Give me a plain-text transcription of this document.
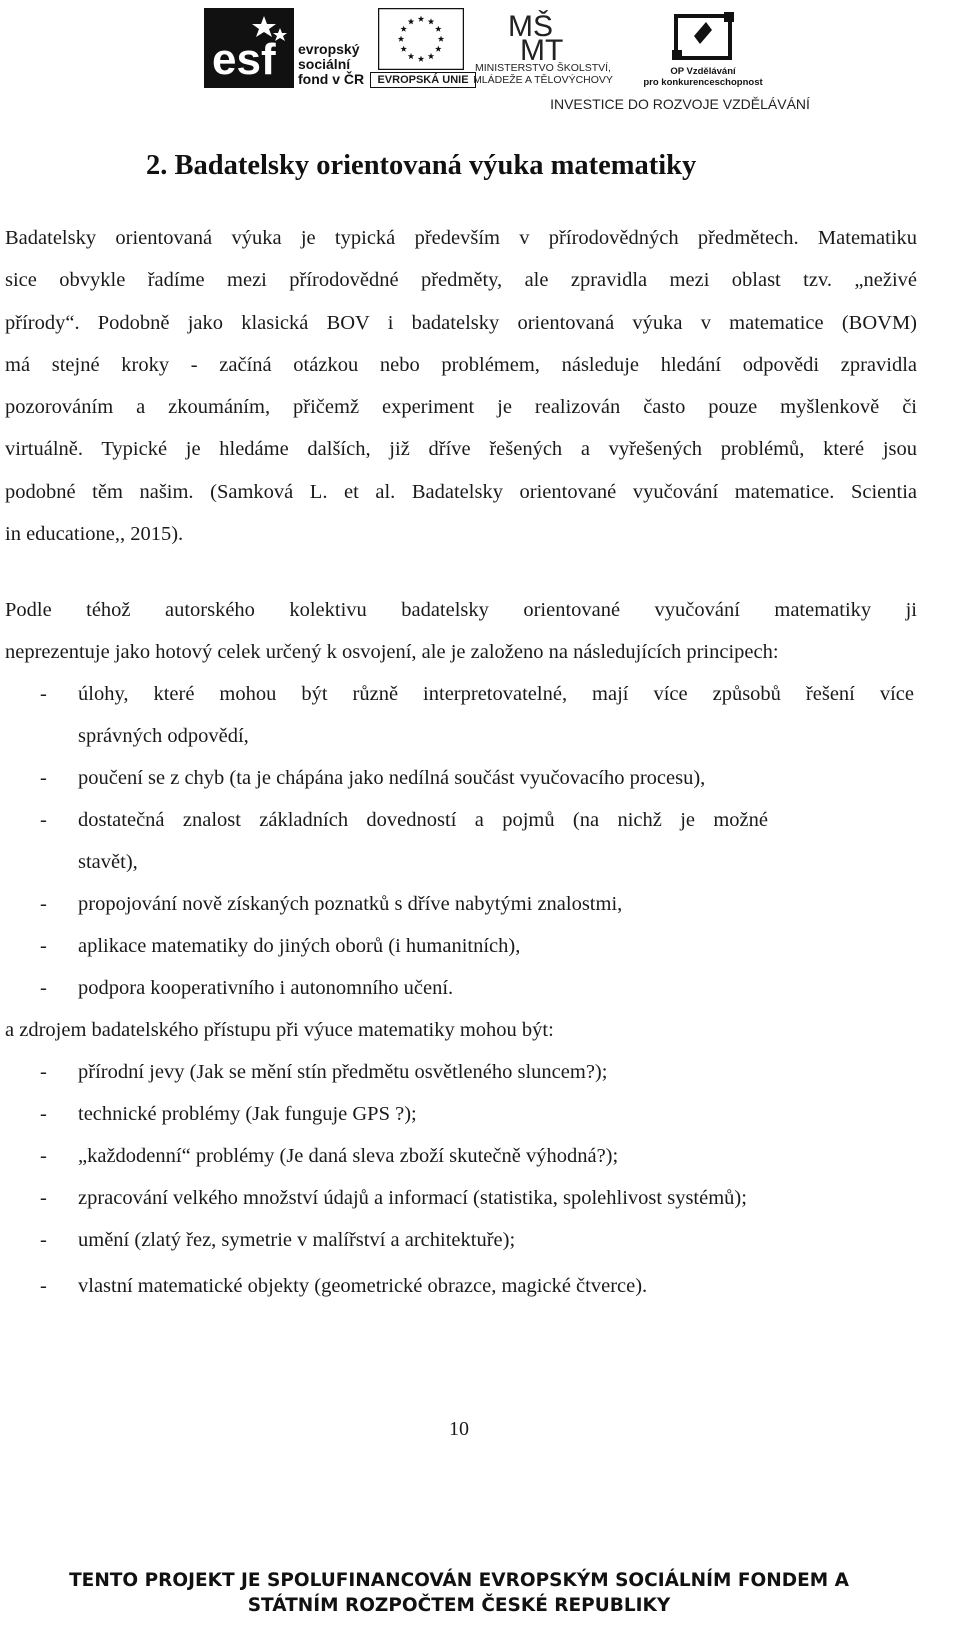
esf evropský
sociální
fond v ČR	EVROPSKÁ UNIE
MŠ
MT
MINISTERSTVO ŠKOLSTVÍ,
MLÁDEŽE A TĚLOVÝCHOVY
OP Vzdělávání
pro konkurenceschopnost
INVESTICE DO ROZVOJE VZDĚLÁVÁNÍ
2. Badatelsky orientovaná výuka matematiky
Badatelsky orientovaná výuka je typická především v přírodovědných předmětech. Matematiku
sice obvykle řadíme mezi přírodovědné předměty, ale zpravidla mezi oblast tzv. „neživé
přírody“. Podobně jako klasická BOV i badatelsky orientovaná výuka v matematice (BOVM)
má stejné kroky - začíná otázkou nebo problémem, následuje hledání odpovědi zpravidla
pozorováním a zkoumáním, přičemž experiment je realizován často pouze myšlenkově či
virtuálně. Typické je hledáme dalších, již dříve řešených a vyřešených problémů, které jsou
podobné těm našim. (Samková L. et al. Badatelsky orientované vyučování matematice. Scientia
in educatione,, 2015).
Podle téhož autorského kolektivu badatelsky orientované vyučování matematiky ji
neprezentuje jako hotový celek určený k osvojení, ale je založeno na následujících principech:
- úlohy, které mohou být různě interpretovatelné, mají více způsobů řešení více
správných odpovědí,
- poučení se z chyb (ta je chápána jako nedílná součást vyučovacího procesu),
- dostatečná znalost základních dovedností a pojmů (na nichž je možné
stavět),
- propojování nově získaných poznatků s dříve nabytými znalostmi,
- aplikace matematiky do jiných oborů (i humanitních),
- podpora kooperativního i autonomního učení.
a zdrojem badatelského přístupu při výuce matematiky mohou být:
- přírodní jevy (Jak se mění stín předmětu osvětleného sluncem?);
- technické problémy (Jak funguje GPS ?);
- „každodenní“ problémy (Je daná sleva zboží skutečně výhodná?);
- zpracování velkého množství údajů a informací (statistika, spolehlivost systémů);
- umění (zlatý řez, symetrie v malířství a architektuře);
- vlastní matematické objekty (geometrické obrazce, magické čtverce).
10
TENTO PROJEKT JE SPOLUFINANCOVÁN EVROPSKÝM SOCIÁLNÍM FONDEM A
STÁTNÍM ROZPOČTEM ČESKÉ REPUBLIKY
